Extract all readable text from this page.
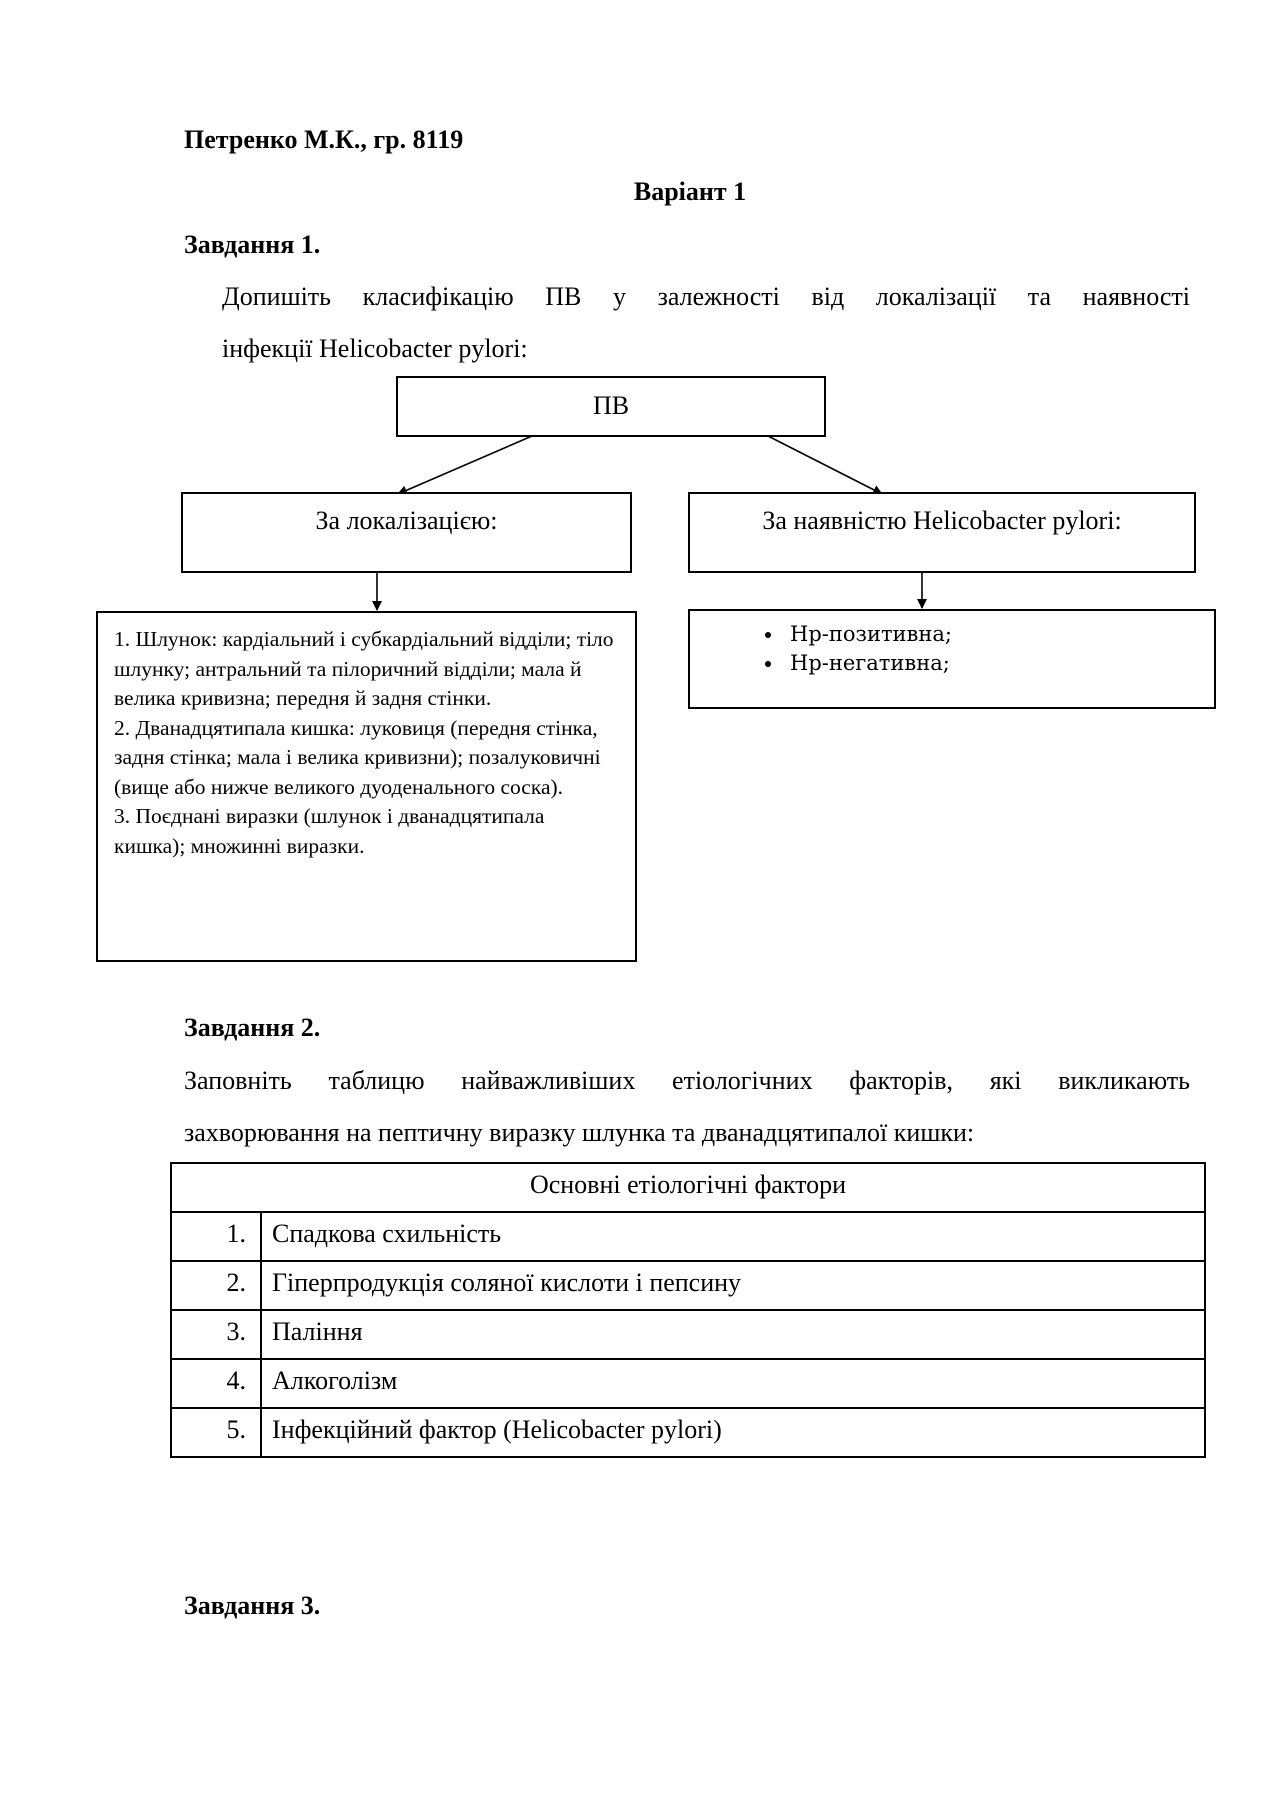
Петренко М.К., гр. 8119
Варіант 1
Завдання 1.
Допишіть класифікацію ПВ у залежності від локалізації та наявності
інфекції Helicobacter pylori:
ПВ
За локалізацією:	За наявністю Helicobacter pylori:
1. Шлунок: кардіальний і субкардіальний відділи; тіло шлунку; антральний та пілоричний відділи; мала й велика кривизна; передня й задня стінки.
2. Дванадцятипала кишка: луковиця (передня стінка, задня стінка; мала і велика кривизни); позалуковичні (вище або нижче великого дуоденального соска).
3. Поєднані виразки (шлунок і дванадцятипала кишка); множинні виразки.
• Нр-позитивна;
• Нр-негативна;
Завдання 2.
Заповніть таблицю найважливіших етіологічних факторів, які викликають
захворювання на пептичну виразку шлунка та дванадцятипалої кишки:
Основні етіологічні фактори	
1.	Спадкова схильність
2.	Гіперпродукція соляної кислоти і пепсину
3.	Паління
4.	Алкоголізм
5.	Інфекційний фактор (Helicobacter pylori)
Завдання 3.
